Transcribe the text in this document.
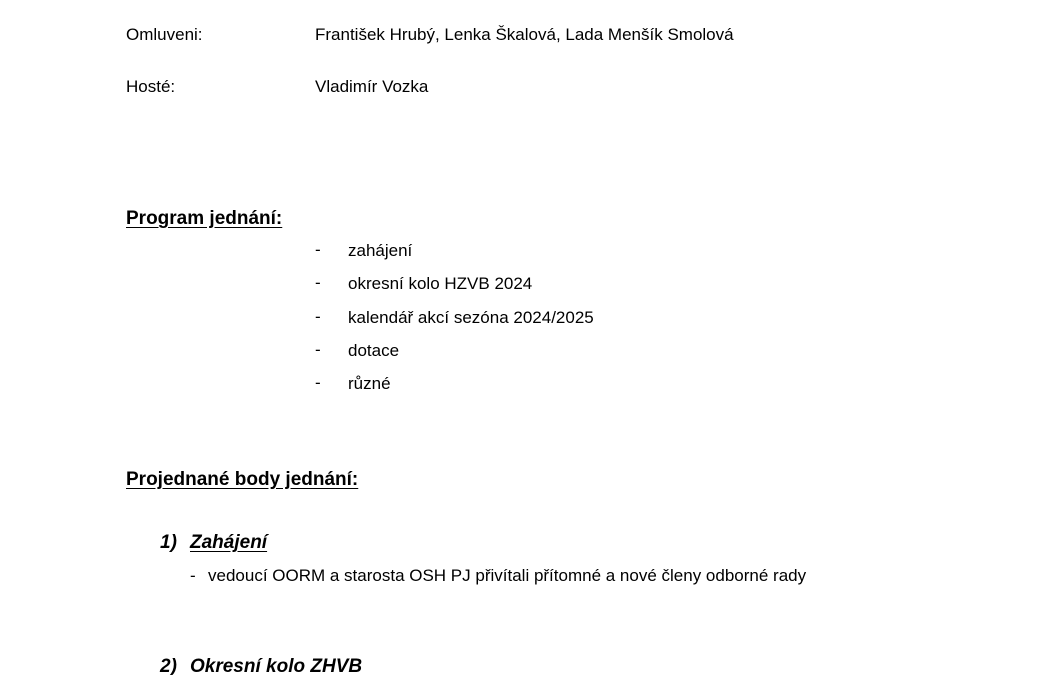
Omluveni:	František Hrubý, Lenka Škalová, Lada Menšík Smolová
Hosté:	Vladimír Vozka
Program jednání:
- zahájení
- okresní kolo HZVB 2024
- kalendář akcí sezóna 2024/2025
- dotace
- různé
Projednané body jednání:
1) Zahájení
- vedoucí OORM a starosta OSH PJ přivítali přítomné a nové členy odborné rady
2) Okresní kolo ZHVB
